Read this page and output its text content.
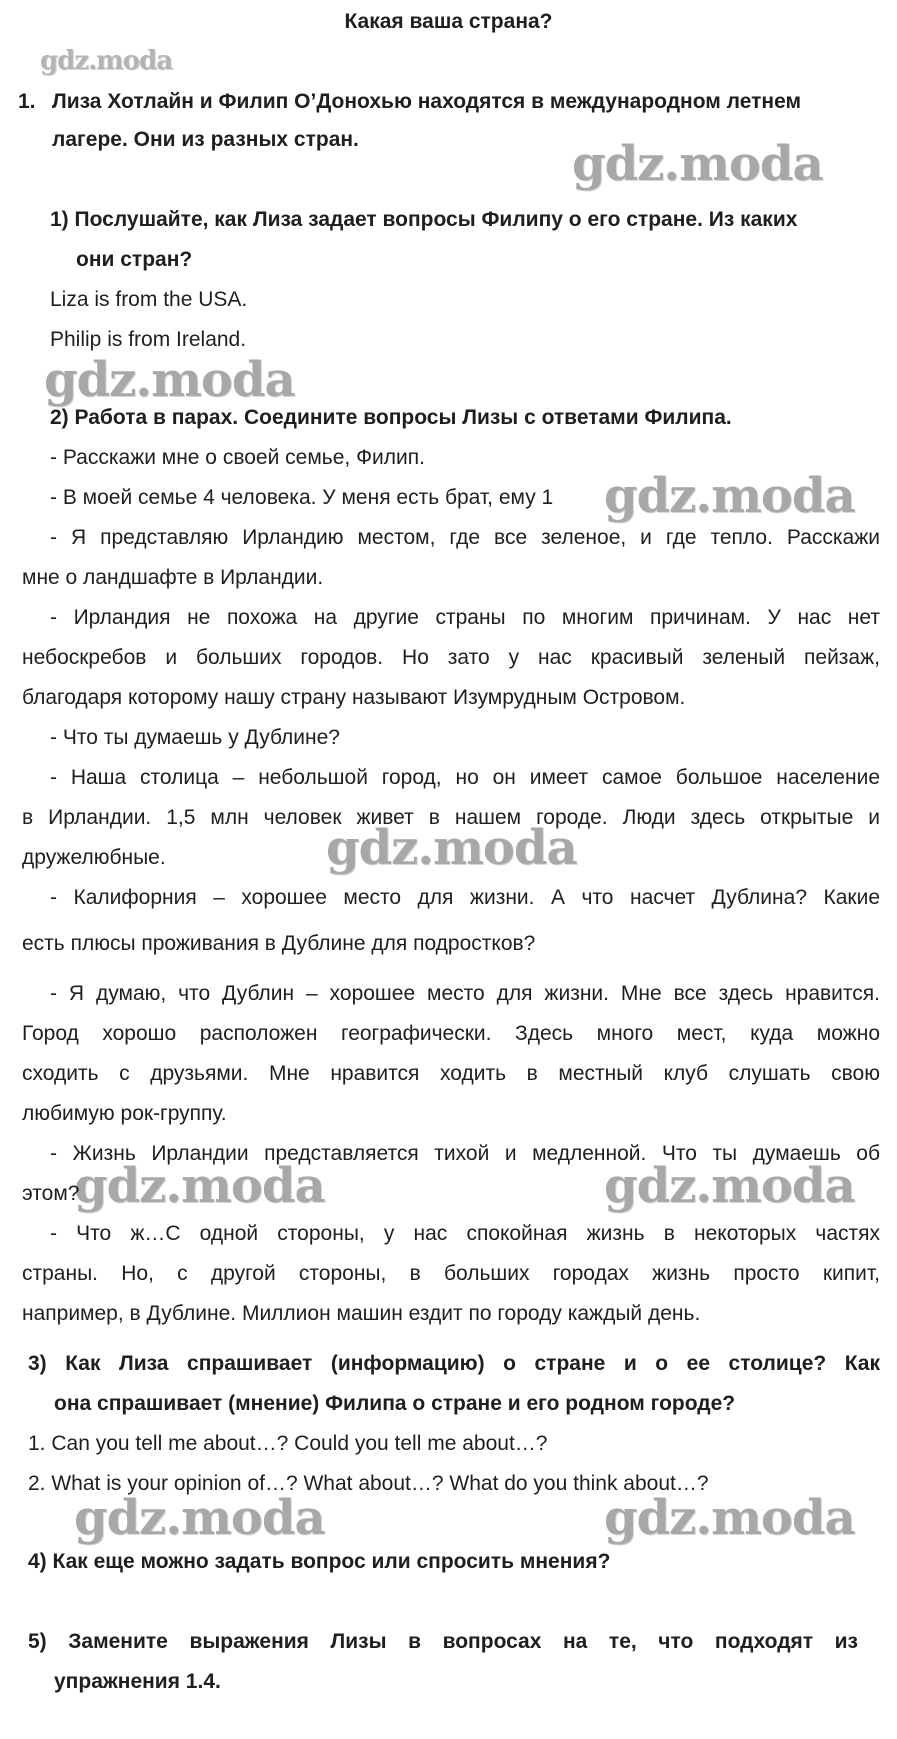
Какая ваша страна?
gdz.moda
gdz.moda
gdz.moda
gdz.moda
gdz.moda
gdz.moda	gdz.moda
gdz.moda	gdz.moda
1. Лиза Хотлайн и Филип О’Донохью находятся в международном летнем
лагере. Они из разных стран.
1) Послушайте, как Лиза задает вопросы Филипу о его стране. Из каких
они стран?
Liza is from the USA.
Philip is from Ireland.
2) Работа в парах. Соедините вопросы Лизы с ответами Филипа.
- Расскажи мне о своей семье, Филип.
- В моей семье 4 человека. У меня есть брат, ему 1
- Я представляю Ирландию местом, где все зеленое, и где тепло. Расскажи
мне о ландшафте в Ирландии.
- Ирландия не похожа на другие страны по многим причинам. У нас нет
небоскребов и больших городов. Но зато у нас красивый зеленый пейзаж,
благодаря которому нашу страну называют Изумрудным Островом.
- Что ты думаешь у Дублине?
- Наша столица – небольшой город, но он имеет самое большое население
в Ирландии. 1,5 млн человек живет в нашем городе. Люди здесь открытые и
дружелюбные.
- Калифорния – хорошее место для жизни. А что насчет Дублина? Какие
есть плюсы проживания в Дублине для подростков?
- Я думаю, что Дублин – хорошее место для жизни. Мне все здесь нравится.
Город хорошо расположен географически. Здесь много мест, куда можно
сходить с друзьями. Мне нравится ходить в местный клуб слушать свою
любимую рок-группу.
- Жизнь Ирландии представляется тихой и медленной. Что ты думаешь об
этом?
- Что ж…С одной стороны, у нас спокойная жизнь в некоторых частях
страны. Но, с другой стороны, в больших городах жизнь просто кипит,
например, в Дублине. Миллион машин ездит по городу каждый день.
3) Как Лиза спрашивает (информацию) о стране и о ее столице? Как
она спрашивает (мнение) Филипа о стране и его родном городе?
1. Can you tell me about…? Could you tell me about…?
2. What is your opinion of…? What about…? What do you think about…?
4) Как еще можно задать вопрос или спросить мнения?
5) Замените выражения Лизы в вопросах на те, что подходят из
упражнения 1.4.
